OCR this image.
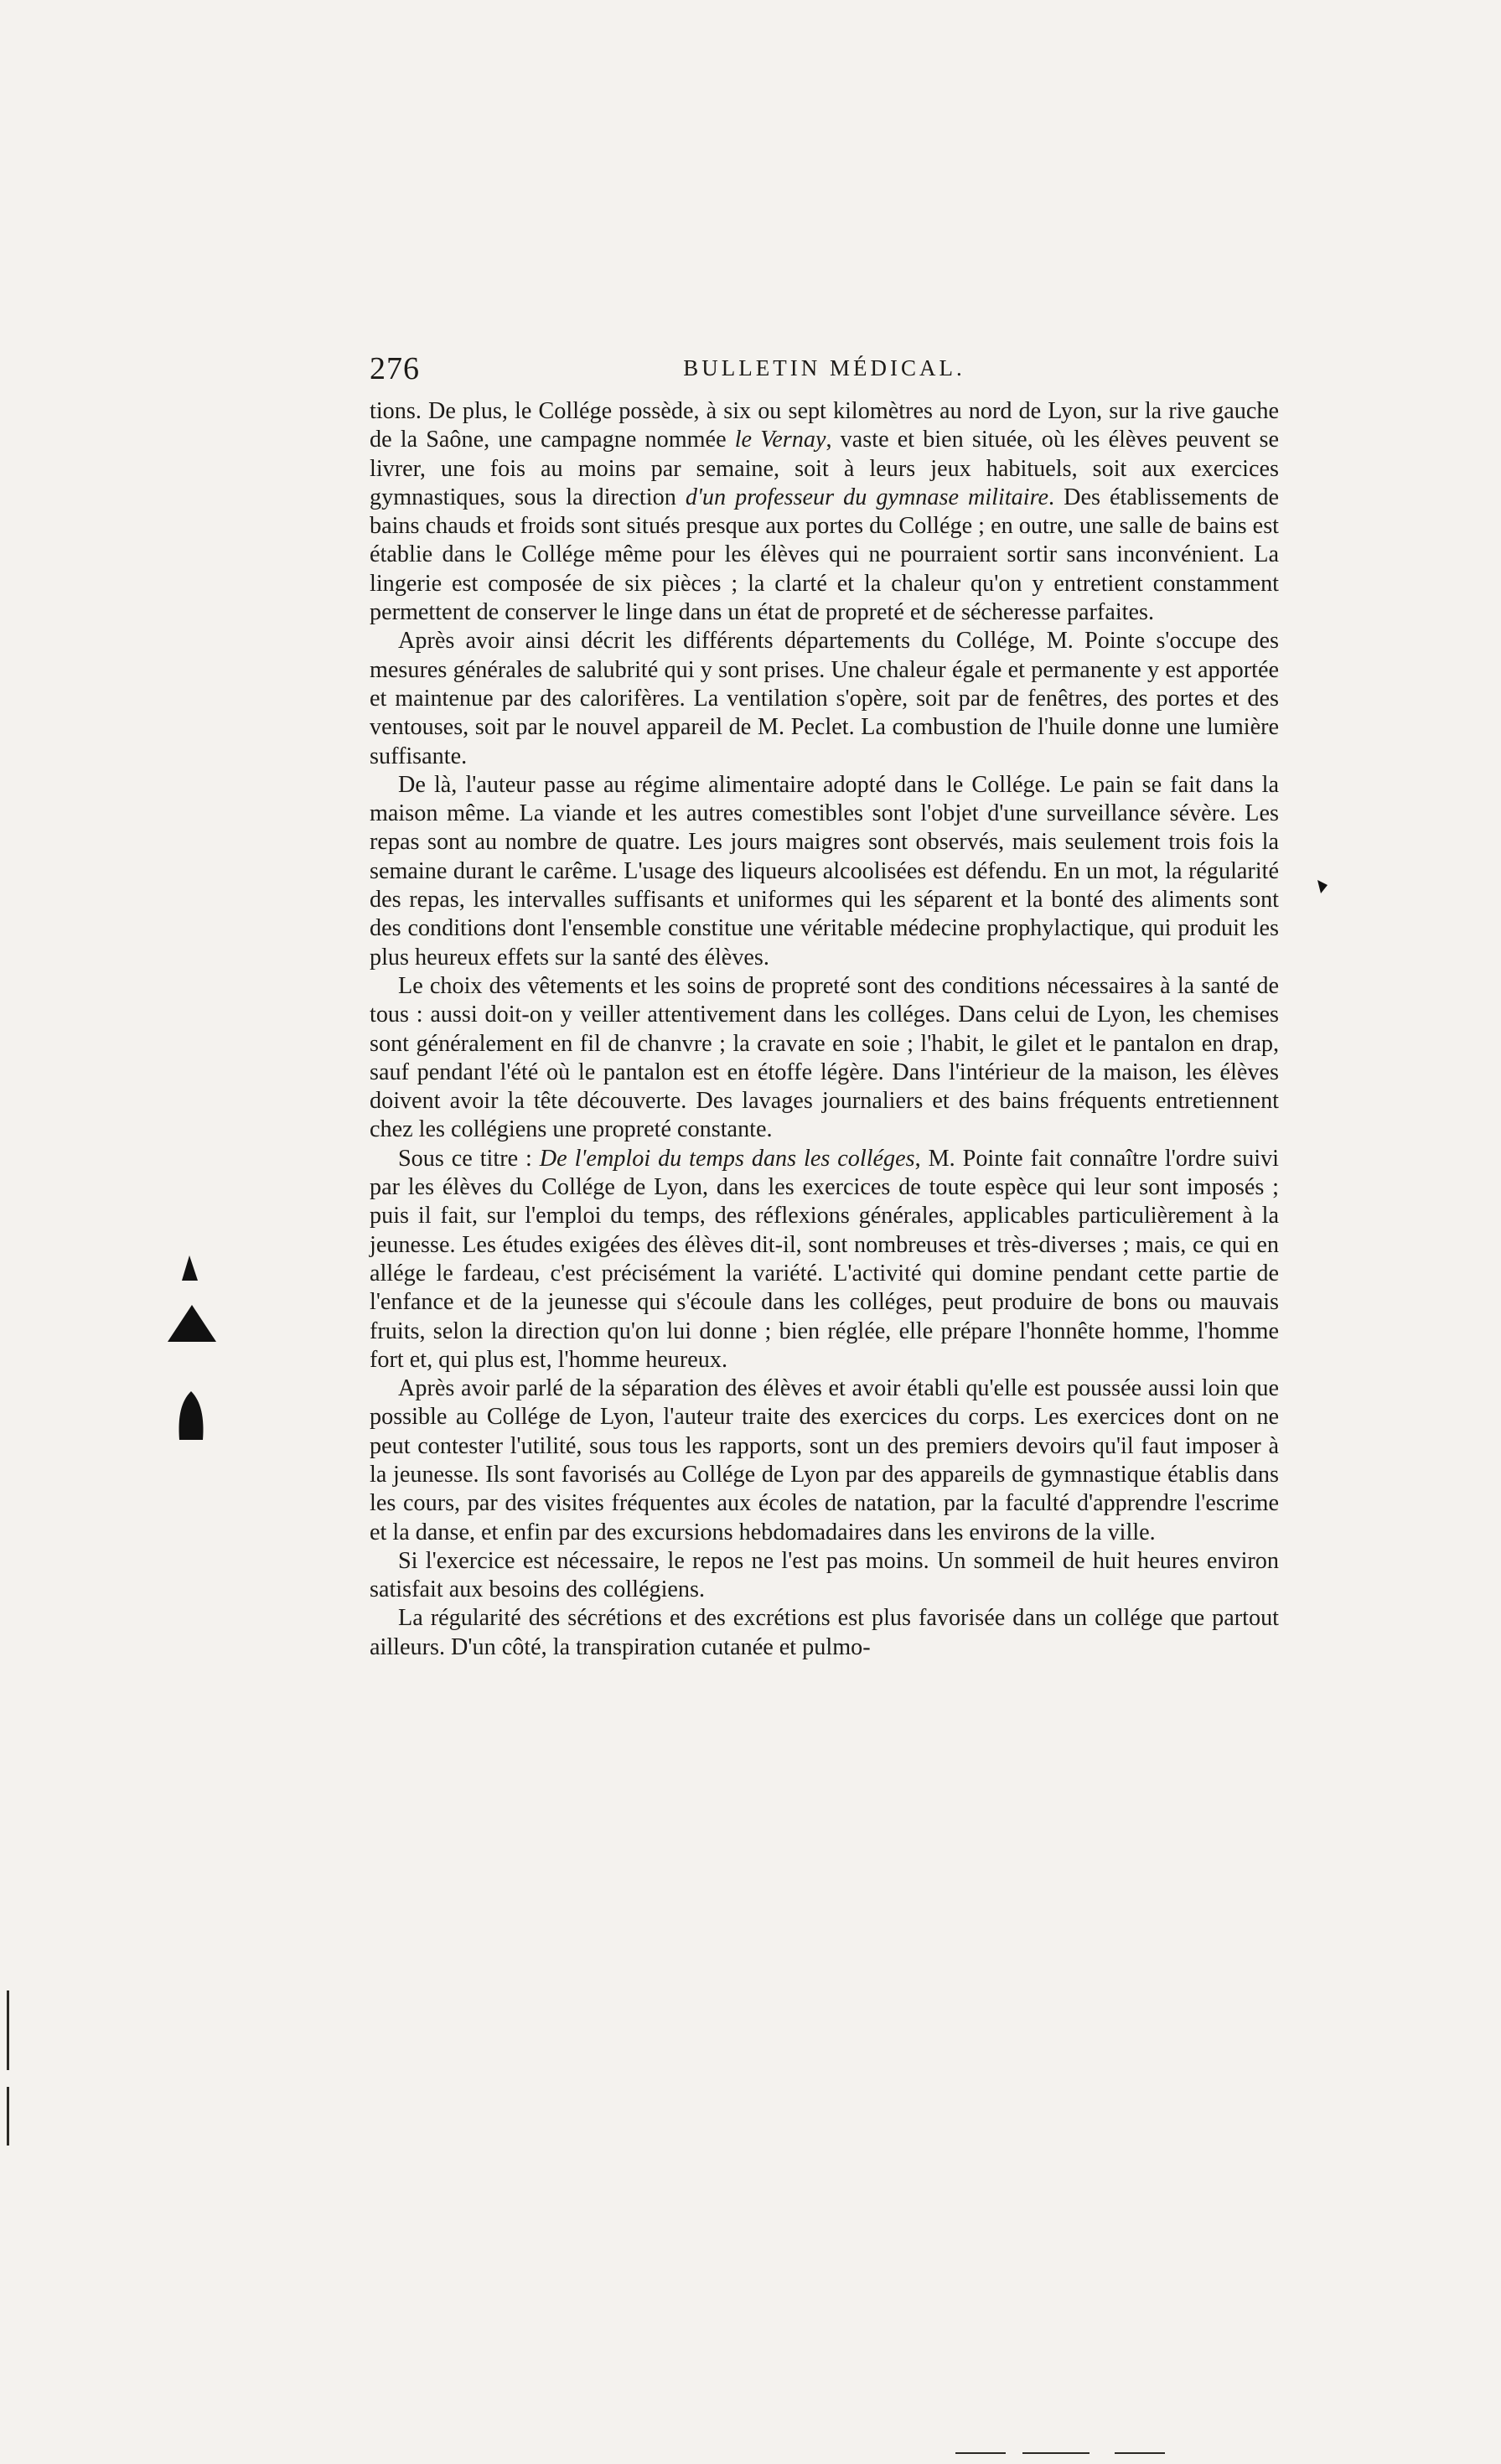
276	BULLETIN MÉDICAL.

tions. De plus, le Collége possède, à six ou sept kilomètres au nord de Lyon, sur la rive gauche de la Saône, une campagne nommée le Vernay, vaste et bien située, où les élèves peuvent se livrer, une fois au moins par semaine, soit à leurs jeux habituels, soit aux exercices gymnastiques, sous la direction d'un professeur du gymnase militaire. Des établissements de bains chauds et froids sont situés presque aux portes du Collége ; en outre, une salle de bains est établie dans le Collége même pour les élèves qui ne pourraient sortir sans inconvénient. La lingerie est composée de six pièces ; la clarté et la chaleur qu'on y entretient constamment permettent de conserver le linge dans un état de propreté et de sécheresse parfaites.

Après avoir ainsi décrit les différents départements du Collége, M. Pointe s'occupe des mesures générales de salubrité qui y sont prises. Une chaleur égale et permanente y est apportée et maintenue par des calorifères. La ventilation s'opère, soit par de fenêtres, des portes et des ventouses, soit par le nouvel appareil de M. Peclet. La combustion de l'huile donne une lumière suffisante.

De là, l'auteur passe au régime alimentaire adopté dans le Collége. Le pain se fait dans la maison même. La viande et les autres comestibles sont l'objet d'une surveillance sévère. Les repas sont au nombre de quatre. Les jours maigres sont observés, mais seulement trois fois la semaine durant le carême. L'usage des liqueurs alcoolisées est défendu. En un mot, la régularité des repas, les intervalles suffisants et uniformes qui les séparent et la bonté des aliments sont des conditions dont l'ensemble constitue une véritable médecine prophylactique, qui produit les plus heureux effets sur la santé des élèves.

Le choix des vêtements et les soins de propreté sont des conditions nécessaires à la santé de tous : aussi doit-on y veiller attentivement dans les colléges. Dans celui de Lyon, les chemises sont généralement en fil de chanvre ; la cravate en soie ; l'habit, le gilet et le pantalon en drap, sauf pendant l'été où le pantalon est en étoffe légère. Dans l'intérieur de la maison, les élèves doivent avoir la tête découverte. Des lavages journaliers et des bains fréquents entretiennent chez les collégiens une propreté constante.

Sous ce titre : De l'emploi du temps dans les colléges, M. Pointe fait connaître l'ordre suivi par les élèves du Collége de Lyon, dans les exercices de toute espèce qui leur sont imposés ; puis il fait, sur l'emploi du temps, des réflexions générales, applicables particulièrement à la jeunesse. Les études exigées des élèves dit-il, sont nombreuses et très-diverses ; mais, ce qui en allége le fardeau, c'est précisément la variété. L'activité qui domine pendant cette partie de l'enfance et de la jeunesse qui s'écoule dans les colléges, peut produire de bons ou mauvais fruits, selon la direction qu'on lui donne ; bien réglée, elle prépare l'honnête homme, l'homme fort et, qui plus est, l'homme heureux.

Après avoir parlé de la séparation des élèves et avoir établi qu'elle est poussée aussi loin que possible au Collége de Lyon, l'auteur traite des exercices du corps. Les exercices dont on ne peut contester l'utilité, sous tous les rapports, sont un des premiers devoirs qu'il faut imposer à la jeunesse. Ils sont favorisés au Collége de Lyon par des appareils de gymnastique établis dans les cours, par des visites fréquentes aux écoles de natation, par la faculté d'apprendre l'escrime et la danse, et enfin par des excursions hebdomadaires dans les environs de la ville.

Si l'exercice est nécessaire, le repos ne l'est pas moins. Un sommeil de huit heures environ satisfait aux besoins des collégiens.

La régularité des sécrétions et des excrétions est plus favorisée dans un collége que partout ailleurs. D'un côté, la transpiration cutanée et pulmo-
